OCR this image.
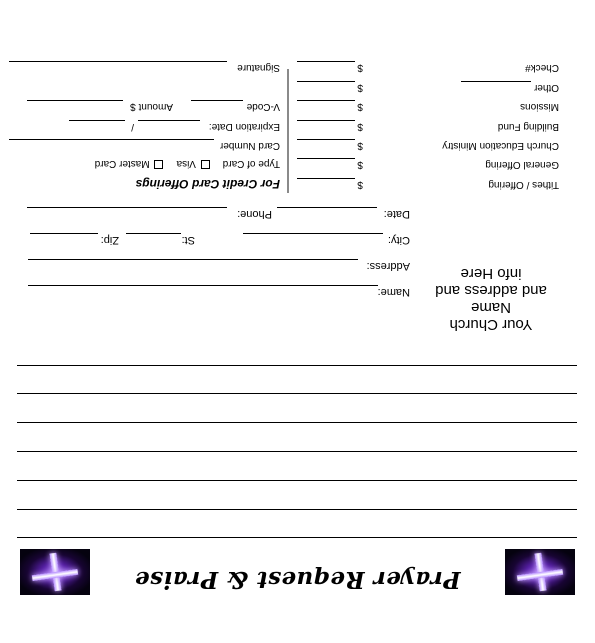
Prayer Request & Praise
Your Church
Name
and address and
info Here
Name:
Address:
City:
St:
Zip:
Date:
Phone:
Tithes / Offering
$
General Offering
$
Church Education Ministry
$
Building Fund
$
Missions
$
Other
$
Check#
$
For Credit Card Offerings
Type of Card     Visa     Master Card
Card Number
Expiration Date:
/
V-Code
Amount $
Signature
